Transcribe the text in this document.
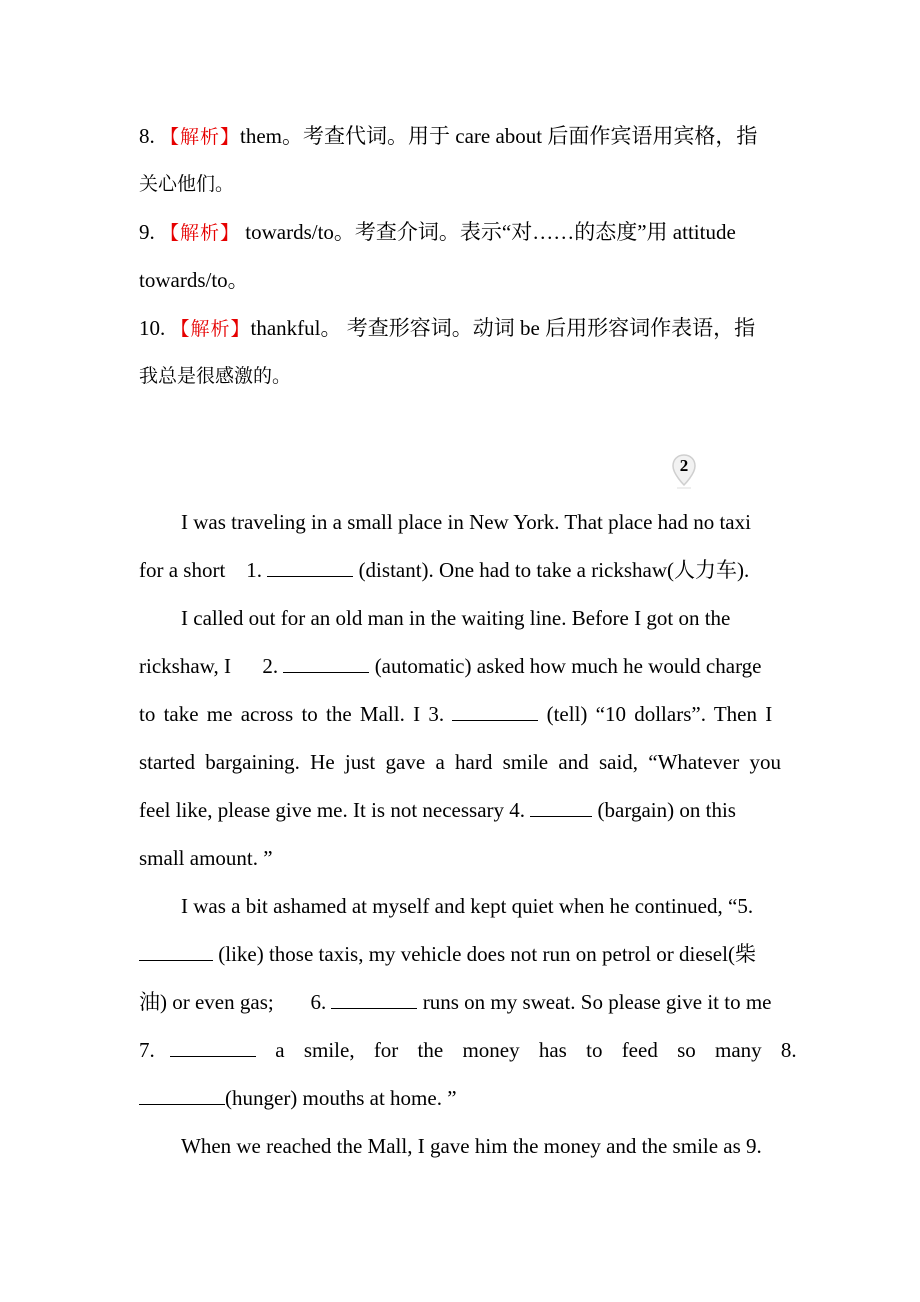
8. 【解析】them。考查代词。用于 care about 后面作宾语用宾格，指
关心他们。
9. 【解析】 towards/to。考查介词。表示“对……的态度”用 attitude
towards/to。
10. 【解析】thankful。 考查形容词。动词 be 后用形容词作表语，指
我总是很感激的。
I was traveling in a small place in New York. That place had no taxi
for a short    1.	(distant). One had to take a rickshaw(人力车).
I called out for an old man in the waiting line. Before I got on the
rickshaw, I      2.	(automatic) asked how much he would charge
to take me across to the Mall. I 3.	(tell) “10 dollars”. Then I
started bargaining. He just gave a hard smile and said, “Whatever you
feel like, please give me. It is not necessary 4.	(bargain) on this
small amount. ”
I was a bit ashamed at myself and kept quiet when he continued, “5.
(like) those taxis, my vehicle does not run on petrol or diesel(柴
油) or even gas;       6.	runs on my sweat. So please give it to me
7.	a smile, for the money has to feed so many 8.
(hunger) mouths at home. ”
When we reached the Mall, I gave him the money and the smile as 9.
2
